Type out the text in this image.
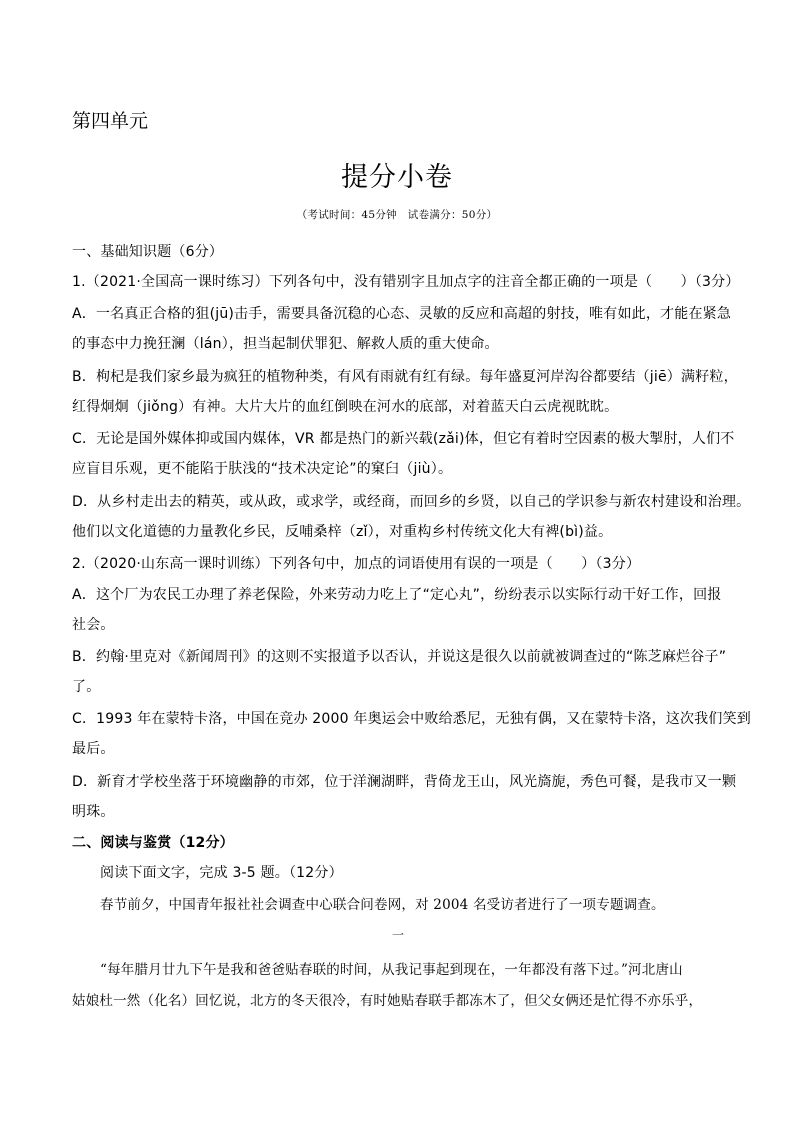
第四单元
提分小卷
（考试时间：45分钟　试卷满分：50分）
一、基础知识题（6分）
1.（2021·全国高一课时练习）下列各句中，没有错别字且加点字的注音全都正确的一项是（　　）（3分）
A．一名真正合格的狙(jū)击手，需要具备沉稳的心态、灵敏的反应和高超的射技，唯有如此，才能在紧急
的事态中力挽狂澜（lán），担当起制伏罪犯、解救人质的重大使命。
B．枸杞是我们家乡最为疯狂的植物种类，有风有雨就有红有绿。每年盛夏河岸沟谷都要结（jiē）满籽粒，
红得炯炯（jiǒng）有神。大片大片的血红倒映在河水的底部，对着蓝天白云虎视眈眈。
C．无论是国外媒体抑或国内媒体，VR 都是热门的新兴载(zǎi)体，但它有着时空因素的极大掣肘，人们不
应盲目乐观，更不能陷于肤浅的“技术决定论”的窠臼（jiù）。
D．从乡村走出去的精英，或从政，或求学，或经商，而回乡的乡贤，以自己的学识参与新农村建设和治理。
他们以文化道德的力量教化乡民，反哺桑梓（zǐ），对重构乡村传统文化大有裨(bì)益。
2.（2020·山东高一课时训练）下列各句中，加点的词语使用有误的一项是（　　）（3分）
A．这个厂为农民工办理了养老保险，外来劳动力吃上了“定心丸”，纷纷表示以实际行动干好工作，回报
社会。
B．约翰·里克对《新闻周刊》的这则不实报道予以否认，并说这是很久以前就被调查过的“陈芝麻烂谷子”
了。
C．1993 年在蒙特卡洛，中国在竞办 2000 年奥运会中败给悉尼，无独有偶，又在蒙特卡洛，这次我们笑到
最后。
D．新育才学校坐落于环境幽静的市郊，位于洋澜湖畔，背倚龙王山，风光旖旎，秀色可餐，是我市又一颗
明珠。
二、阅读与鉴赏（12分）
阅读下面文字，完成 3-5 题。（12分）
春节前夕，中国青年报社社会调查中心联合问卷网，对 2004 名受访者进行了一项专题调查。
一
“每年腊月廿九下午是我和爸爸贴春联的时间，从我记事起到现在，一年都没有落下过。”河北唐山
姑娘杜一然（化名）回忆说，北方的冬天很冷，有时她贴春联手都冻木了，但父女俩还是忙得不亦乐乎，
